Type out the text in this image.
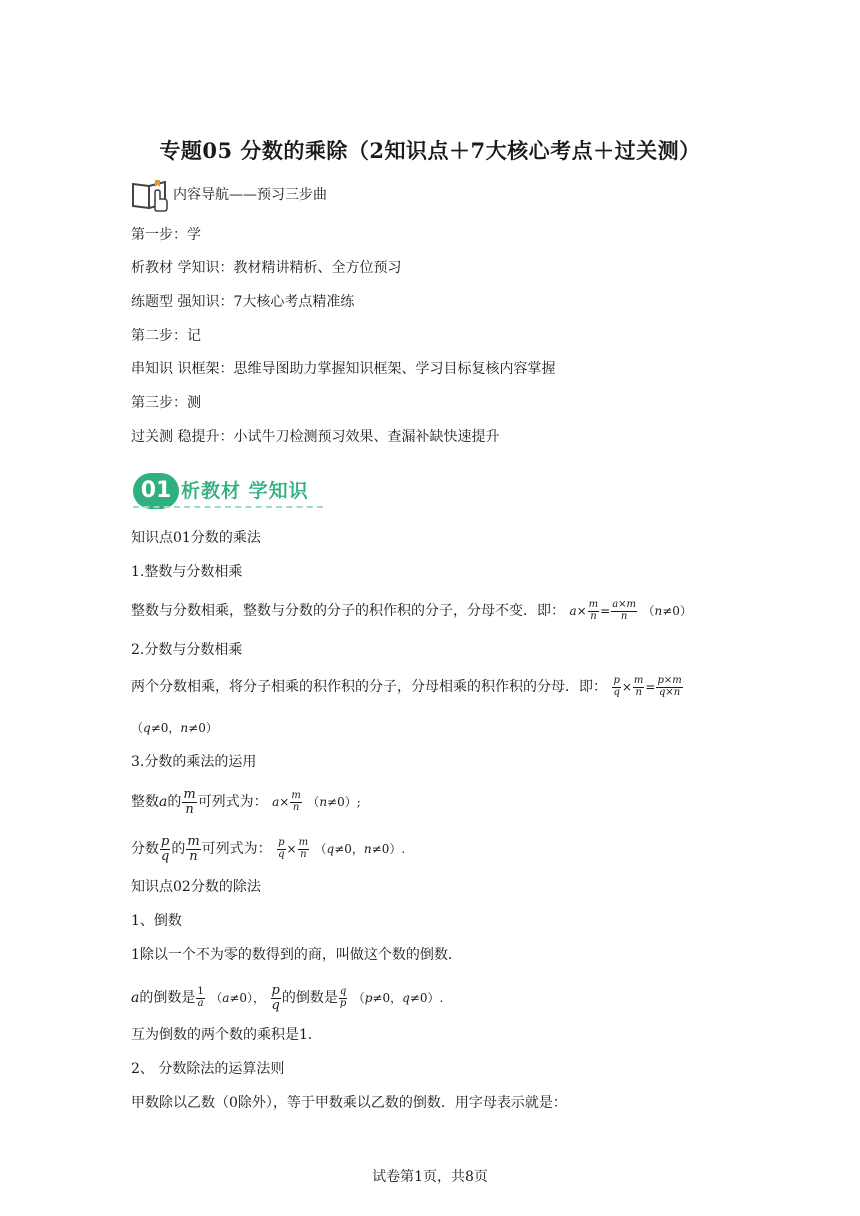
专题05 分数的乘除（2知识点＋7大核心考点＋过关测）
内容导航——预习三步曲
第一步：学
析教材 学知识：教材精讲精析、全方位预习
练题型 强知识：7大核心考点精准练
第二步：记
串知识 识框架：思维导图助力掌握知识框架、学习目标复核内容掌握
第三步：测
过关测 稳提升：小试牛刀检测预习效果、查漏补缺快速提升
01 析教材 学知识
知识点01分数的乘法
1.整数与分数相乘
整数与分数相乘，整数与分数的分子的积作积的分子，分母不变．即： $a\times \frac{m}{n} = \frac{a\times m}{n} (n\ne 0)$
2.分数与分数相乘
两个分数相乘，将分子相乘的积作积的分子，分母相乘的积作积的分母．即： $\frac{p}{q} \times \frac{m}{n} = \frac{p\times m}{q\times n}$
（q≠0，n≠0）
3.分数的乘法的运用
整数a的 $\frac{m}{n}$ 可列式为： $a\times \frac{m}{n} (n\ne 0)$;
分数 $\frac{p}{q}$ 的 $\frac{m}{n}$ 可列式为： $\frac{p}{q} \times \frac{m}{n} (q\ne 0$，n≠0）.
知识点02分数的除法
1、倒数
1除以一个不为零的数得到的商，叫做这个数的倒数．
a的倒数是 $\frac{1}{a} (a\ne 0)$， $\frac{p}{q}$ 的倒数是 $\frac{q}{p} (p\ne 0$，q≠0）.
互为倒数的两个数的乘积是1．
2、 分数除法的运算法则
甲数除以乙数（0除外），等于甲数乘以乙数的倒数．用字母表示就是：
试卷第1页，共8页
